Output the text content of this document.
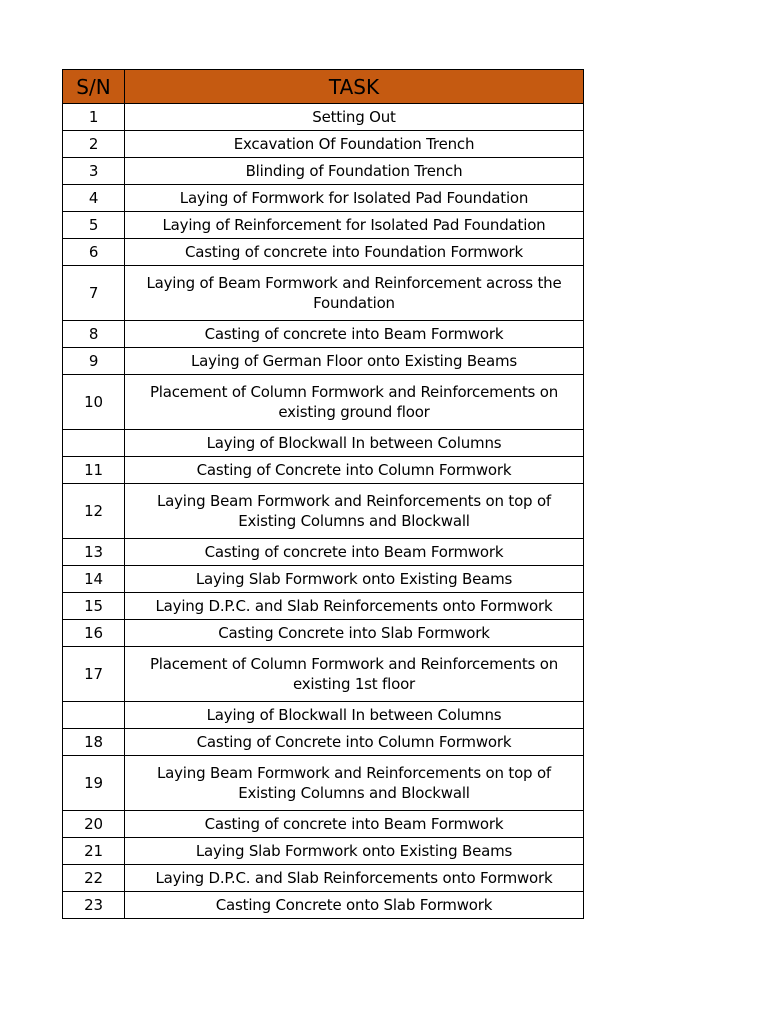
S/N	TASK
1	Setting Out
2	Excavation Of Foundation Trench
3	Blinding of Foundation Trench
4	Laying of Formwork for Isolated Pad Foundation
5	Laying of Reinforcement for Isolated Pad Foundation
6	Casting of concrete into Foundation Formwork
7	Laying of Beam Formwork and Reinforcement across the Foundation
8	Casting of concrete into Beam Formwork
9	Laying of German Floor onto Existing Beams
10	Placement of Column Formwork and Reinforcements on existing ground floor
	Laying of Blockwall In between Columns
11	Casting of Concrete into Column Formwork
12	Laying Beam Formwork and Reinforcements on top of Existing Columns and Blockwall
13	Casting of concrete into Beam Formwork
14	Laying Slab Formwork onto Existing Beams
15	Laying D.P.C. and Slab Reinforcements onto Formwork
16	Casting Concrete into Slab Formwork
17	Placement of Column Formwork and Reinforcements on existing 1st floor
	Laying of Blockwall In between Columns
18	Casting of Concrete into Column Formwork
19	Laying Beam Formwork and Reinforcements on top of Existing Columns and Blockwall
20	Casting of concrete into Beam Formwork
21	Laying Slab Formwork onto Existing Beams
22	Laying D.P.C. and Slab Reinforcements onto Formwork
23	Casting Concrete onto Slab Formwork
